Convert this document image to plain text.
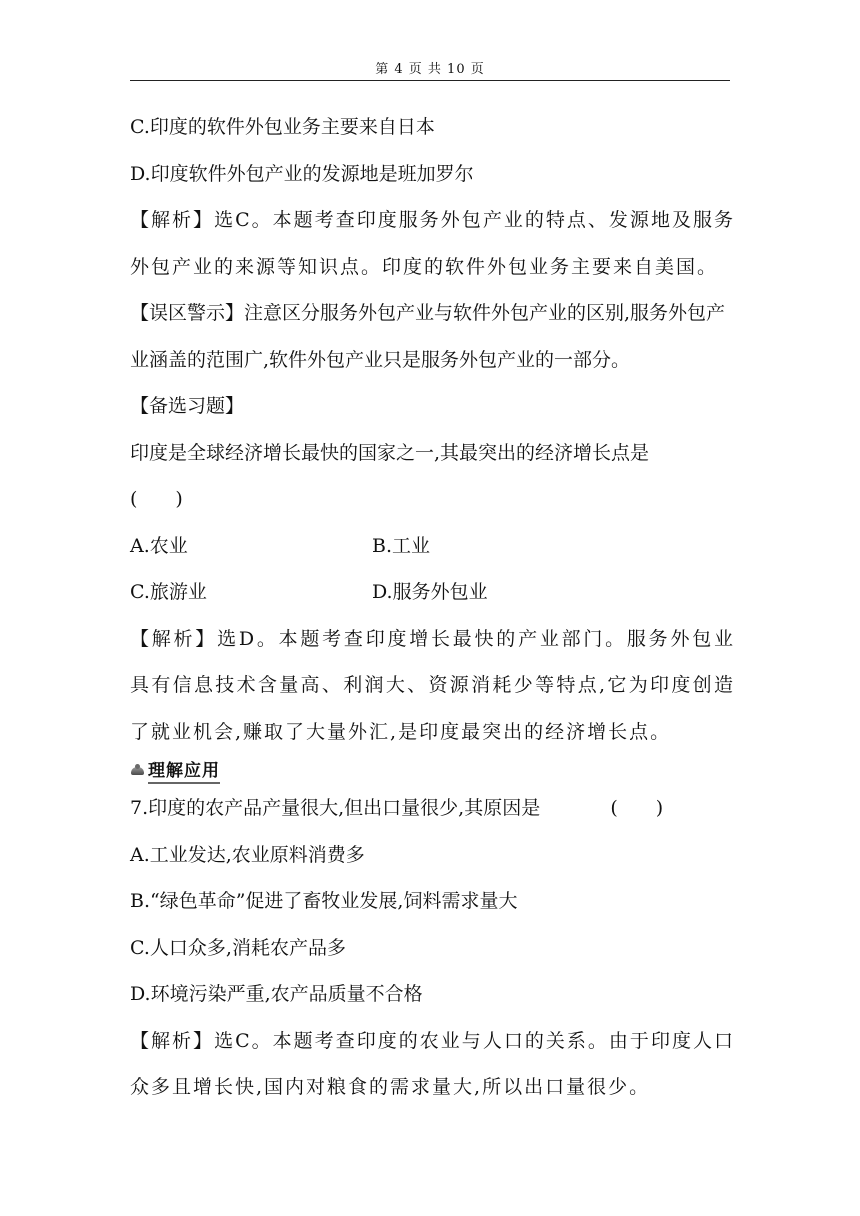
第 4 页 共 10 页
C.印度的软件外包业务主要来自日本
D.印度软件外包产业的发源地是班加罗尔
【解析】选C。本题考查印度服务外包产业的特点、发源地及服务外包产业的来源等知识点。印度的软件外包业务主要来自美国。
【误区警示】注意区分服务外包产业与软件外包产业的区别,服务外包产业涵盖的范围广,软件外包产业只是服务外包产业的一部分。
【备选习题】
印度是全球经济增长最快的国家之一,其最突出的经济增长点是
(　　)
A.农业	B.工业
C.旅游业	D.服务外包业
【解析】选D。本题考查印度增长最快的产业部门。服务外包业具有信息技术含量高、利润大、资源消耗少等特点,它为印度创造了就业机会,赚取了大量外汇,是印度最突出的经济增长点。
理解应用
7.印度的农产品产量很大,但出口量很少,其原因是	(　　)
A.工业发达,农业原料消费多
B.“绿色革命”促进了畜牧业发展,饲料需求量大
C.人口众多,消耗农产品多
D.环境污染严重,农产品质量不合格
【解析】选C。本题考查印度的农业与人口的关系。由于印度人口众多且增长快,国内对粮食的需求量大,所以出口量很少。
